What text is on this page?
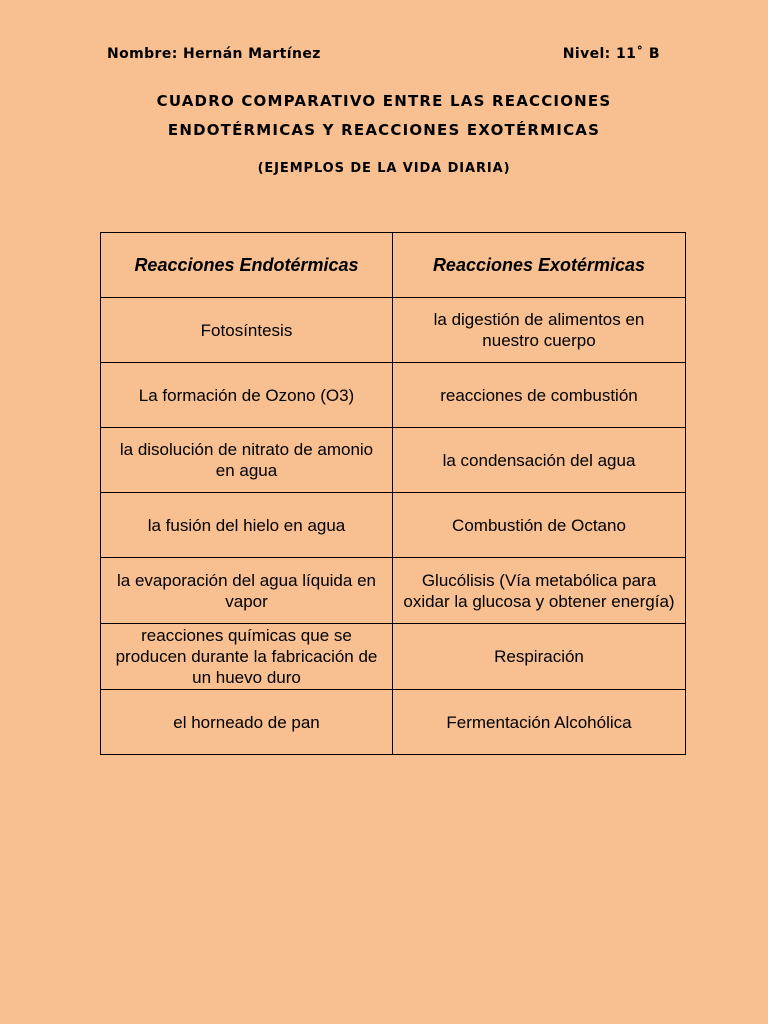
Nombre: Hernán Martínez	Nivel: 11˚ B
CUADRO COMPARATIVO ENTRE LAS REACCIONES
ENDOTÉRMICAS Y REACCIONES EXOTÉRMICAS
(EJEMPLOS DE LA VIDA DIARIA)
Reacciones Endotérmicas	Reacciones Exotérmicas
Fotosíntesis	la digestión de alimentos en nuestro cuerpo
La formación de Ozono (O3)	reacciones de combustión
la disolución de nitrato de amonio en agua	la condensación del agua
la fusión del hielo en agua	Combustión de Octano
la evaporación del agua líquida en vapor	Glucólisis (Vía metabólica para oxidar la glucosa y obtener energía)
reacciones químicas que se producen durante la fabricación de un huevo duro	Respiración
el horneado de pan	Fermentación Alcohólica
